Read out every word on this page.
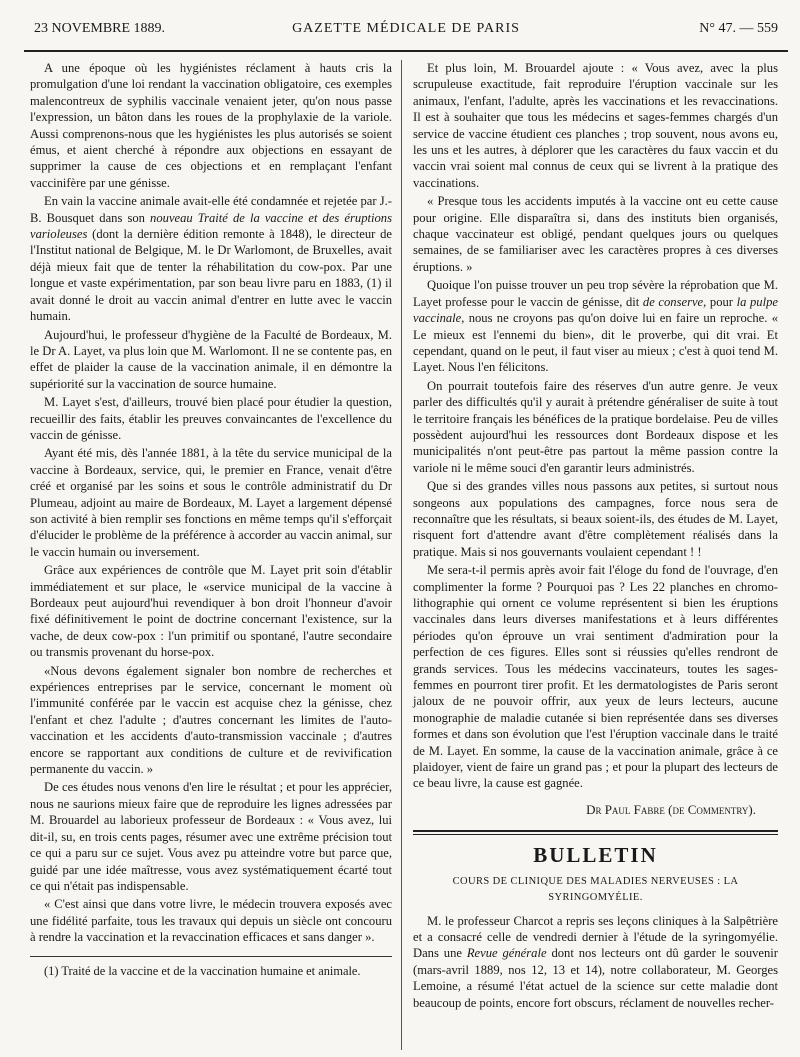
23 NOVEMBRE 1889.	GAZETTE MÉDICALE DE PARIS	N° 47. — 559

A une époque où les hygiénistes réclament à hauts cris la promulgation d'une loi rendant la vaccination obligatoire, ces exemples malencontreux de syphilis vaccinale venaient jeter, qu'on nous passe l'expression, un bâton dans les roues de la prophylaxie de la variole. Aussi comprenons-nous que les hygiénistes les plus autorisés se soient émus, et aient cherché à répondre aux objections en essayant de supprimer la cause de ces objections et en remplaçant l'enfant vaccinifère par une génisse.

En vain la vaccine animale avait-elle été condamnée et rejetée par J.-B. Bousquet dans son nouveau Traité de la vaccine et des éruptions varioleuses (dont la dernière édition remonte à 1848), le directeur de l'Institut national de Belgique, M. le Dr Warlomont, de Bruxelles, avait déjà mieux fait que de tenter la réhabilitation du cow-pox. Par une longue et vaste expérimentation, par son beau livre paru en 1883, (1) il avait donné le droit au vaccin animal d'entrer en lutte avec le vaccin humain.

Aujourd'hui, le professeur d'hygiène de la Faculté de Bordeaux, M. le Dr A. Layet, va plus loin que M. Warlomont. Il ne se contente pas, en effet de plaider la cause de la vaccination animale, il en démontre la supériorité sur la vaccination de source humaine.

M. Layet s'est, d'ailleurs, trouvé bien placé pour étudier la question, recueillir des faits, établir les preuves convaincantes de l'excellence du vaccin de génisse.

Ayant été mis, dès l'année 1881, à la tête du service municipal de la vaccine à Bordeaux, service, qui, le premier en France, venait d'être créé et organisé par les soins et sous le contrôle administratif du Dr Plumeau, adjoint au maire de Bordeaux, M. Layet a largement dépensé son activité à bien remplir ses fonctions en même temps qu'il s'efforçait d'élucider le problème de la préférence à accorder au vaccin animal, sur le vaccin humain ou inversement.

Grâce aux expériences de contrôle que M. Layet prit soin d'établir immédiatement et sur place, le «service municipal de la vaccine à Bordeaux peut aujourd'hui revendiquer à bon droit l'honneur d'avoir fixé définitivement le point de doctrine concernant l'existence, sur la vache, de deux cow-pox : l'un primitif ou spontané, l'autre secondaire ou transmis provenant du horse-pox.

«Nous devons également signaler bon nombre de recherches et expériences entreprises par le service, concernant le moment où l'immunité conférée par le vaccin est acquise chez la génisse, chez l'enfant et chez l'adulte ; d'autres concernant les limites de l'auto-vaccination et les accidents d'auto-transmission vaccinale ; d'autres encore se rapportant aux conditions de culture et de revivification permanente du vaccin. »

De ces études nous venons d'en lire le résultat ; et pour les apprécier, nous ne saurions mieux faire que de reproduire les lignes adressées par M. Brouardel au laborieux professeur de Bordeaux : « Vous avez, lui dit-il, su, en trois cents pages, résumer avec une extrême précision tout ce qui a paru sur ce sujet. Vous avez pu atteindre votre but parce que, guidé par une idée maîtresse, vous avez systématiquement écarté tout ce qui n'était pas indispensable.

« C'est ainsi que dans votre livre, le médecin trouvera exposés avec une fidélité parfaite, tous les travaux qui depuis un siècle ont concouru à rendre la vaccination et la revaccination efficaces et sans danger ».

(1) Traité de la vaccine et de la vaccination humaine et animale.

Et plus loin, M. Brouardel ajoute : « Vous avez, avec la plus scrupuleuse exactitude, fait reproduire l'éruption vaccinale sur les animaux, l'enfant, l'adulte, après les vaccinations et les revaccinations. Il est à souhaiter que tous les médecins et sages-femmes chargés d'un service de vaccine étudient ces planches ; trop souvent, nous avons eu, les uns et les autres, à déplorer que les caractères du faux vaccin et du vaccin vrai soient mal connus de ceux qui se livrent à la pratique des vaccinations.

« Presque tous les accidents imputés à la vaccine ont eu cette cause pour origine. Elle disparaîtra si, dans des instituts bien organisés, chaque vaccinateur est obligé, pendant quelques jours ou quelques semaines, de se familiariser avec les caractères propres à ces diverses éruptions. »

Quoique l'on puisse trouver un peu trop sévère la réprobation que M. Layet professe pour le vaccin de génisse, dit de conserve, pour la pulpe vaccinale, nous ne croyons pas qu'on doive lui en faire un reproche. « Le mieux est l'ennemi du bien», dit le proverbe, qui dit vrai. Et cependant, quand on le peut, il faut viser au mieux ; c'est à quoi tend M. Layet. Nous l'en félicitons.

On pourrait toutefois faire des réserves d'un autre genre. Je veux parler des difficultés qu'il y aurait à prétendre généraliser de suite à tout le territoire français les bénéfices de la pratique bordelaise. Peu de villes possèdent aujourd'hui les ressources dont Bordeaux dispose et les municipalités n'ont peut-être pas partout la même passion contre la variole ni le même souci d'en garantir leurs administrés.

Que si des grandes villes nous passons aux petites, si surtout nous songeons aux populations des campagnes, force nous sera de reconnaître que les résultats, si beaux soient-ils, des études de M. Layet, risquent fort d'attendre avant d'être complètement réalisés dans la pratique. Mais si nos gouvernants voulaient cependant ! !

Me sera-t-il permis après avoir fait l'éloge du fond de l'ouvrage, d'en complimenter la forme ? Pourquoi pas ? Les 22 planches en chromo-lithographie qui ornent ce volume représentent si bien les éruptions vaccinales dans leurs diverses manifestations et à leurs différentes périodes qu'on éprouve un vrai sentiment d'admiration pour la perfection de ces figures. Elles sont si réussies qu'elles rendront de grands services. Tous les médecins vaccinateurs, toutes les sages-femmes en pourront tirer profit. Et les dermatologistes de Paris seront jaloux de ne pouvoir offrir, aux yeux de leurs lecteurs, aucune monographie de maladie cutanée si bien représentée dans ses diverses formes et dans son évolution que l'est l'éruption vaccinale dans le traité de M. Layet. En somme, la cause de la vaccination animale, grâce à ce plaidoyer, vient de faire un grand pas ; et pour la plupart des lecteurs de ce beau livre, la cause est gagnée.

Dr Paul Fabre (de Commentry).
BULLETIN
COURS DE CLINIQUE DES MALADIES NERVEUSES : LA SYRINGOMYÉLIE.

M. le professeur Charcot a repris ses leçons cliniques à la Salpêtrière et a consacré celle de vendredi dernier à l'étude de la syringomyélie. Dans une Revue générale dont nos lecteurs ont dû garder le souvenir (mars-avril 1889, nos 12, 13 et 14), notre collaborateur, M. Georges Lemoine, a résumé l'état actuel de la science sur cette maladie dont beaucoup de points, encore fort obscurs, réclament de nouvelles recher-
